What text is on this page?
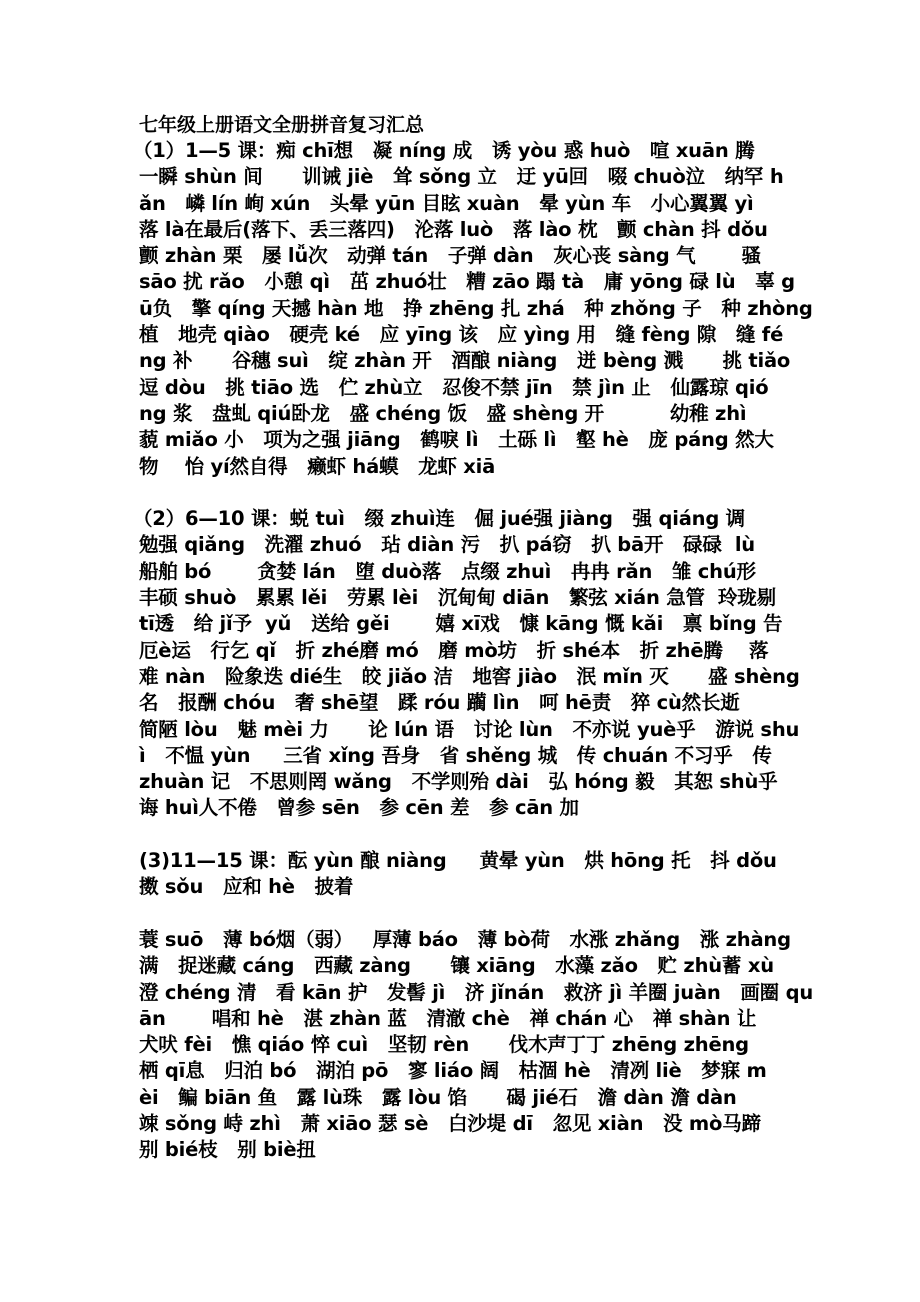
七年级上册语文全册拼音复习汇总
（1）1—5 课：痴 chī想   凝 níng 成   诱 yòu 惑 huò   喧 xuān 腾
一瞬 shùn 间      训诫 jiè   耸 sǒng 立   迂 yū回   啜 chuò泣   纳罕 h
ǎn   嶙 lín 峋 xún   头晕 yūn 目眩 xuàn   晕 yùn 车   小心翼翼 yì
落 là在最后(落下、丢三落四)   沦落 luò   落 lào 枕   颤 chàn 抖 dǒu
颤 zhàn 栗   屡 lǚ次   动弹 tán   子弹 dàn   灰心丧 sàng 气       骚
sāo 扰 rǎo   小憩 qì   茁 zhuó壮   糟 zāo 蹋 tà   庸 yōng 碌 lù   辜 g
ū负   擎 qíng 天撼 hàn 地   挣 zhēng 扎 zhá   种 zhǒng 子   种 zhòng
植   地壳 qiào   硬壳 ké   应 yīng 该   应 yìng 用   缝 fèng 隙   缝 fé
ng 补      谷穗 suì   绽 zhàn 开   酒酿 niàng   迸 bèng 溅      挑 tiǎo
逗 dòu   挑 tiāo 选   伫 zhù立   忍俊不禁 jīn   禁 jìn 止   仙露琼 qió
ng 浆   盘虬 qiú卧龙   盛 chéng 饭   盛 shèng 开          幼稚 zhì
藐 miǎo 小   项为之强 jiāng   鹤唳 lì   土砾 lì   壑 hè   庞 páng 然大
物    怡 yí然自得   癞虾 há蟆   龙虾 xiā
（2）6—10 课：蜕 tuì   缀 zhuì连   倔 jué强 jiàng   强 qiáng 调
勉强 qiǎng   洗濯 zhuó   玷 diàn 污   扒 pá窃   扒 bā开   碌碌  lù
船舶 bó       贪婪 lán   堕 duò落   点缀 zhuì   冉冉 rǎn   雏 chú形
丰硕 shuò   累累 lěi   劳累 lèi   沉甸甸 diān   繁弦 xián 急管  玲珑剔
tī透   给 jǐ予  yǔ   送给 gěi       嬉 xī戏   慷 kāng 慨 kǎi   禀 bǐng 告
厄è运   行乞 qǐ   折 zhé磨 mó   磨 mò坊   折 shé本   折 zhē腾    落
难 nàn   险象迭 dié生   皎 jiǎo 洁   地窖 jiào   泯 mǐn 灭      盛 shèng
名   报酬 chóu   奢 shē望   蹂 róu 躏 lìn   呵 hē责   猝 cù然长逝
简陋 lòu   魅 mèi 力      论 lún 语   讨论 lùn   不亦说 yuè乎   游说 shu
ì   不愠 yùn     三省 xǐng 吾身   省 shěng 城   传 chuán 不习乎   传
zhuàn 记   不思则罔 wǎng   不学则殆 dài   弘 hóng 毅   其恕 shù乎
诲 huì人不倦   曾参 sēn   参 cēn 差   参 cān 加
(3)11—15 课：酝 yùn 酿 niàng     黄晕 yùn   烘 hōng 托   抖 dǒu
擞 sǒu   应和 hè   披着
蓑 suō   薄 bó烟（弱）   厚薄 báo   薄 bò荷   水涨 zhǎng   涨 zhàng
满   捉迷藏 cáng   西藏 zàng      镶 xiāng   水藻 zǎo   贮 zhù蓄 xù
澄 chéng 清   看 kān 护   发髻 jì   济 jǐnán   救济 jì 羊圈 juàn   画圈 qu
ān       唱和 hè   湛 zhàn 蓝   清澈 chè   禅 chán 心   禅 shàn 让
犬吠 fèi   憔 qiáo 悴 cuì   坚韧 rèn      伐木声丁丁 zhēng zhēng
栖 qī息   归泊 bó   湖泊 pō   寥 liáo 阔   枯涸 hè   清冽 liè   梦寐 m
èi   鳊 biān 鱼   露 lù珠   露 lòu 馅      碣 jié石   澹 dàn 澹 dàn
竦 sǒng 峙 zhì   萧 xiāo 瑟 sè   白沙堤 dī   忽见 xiàn   没 mò马蹄
别 bié枝   别 biè扭
